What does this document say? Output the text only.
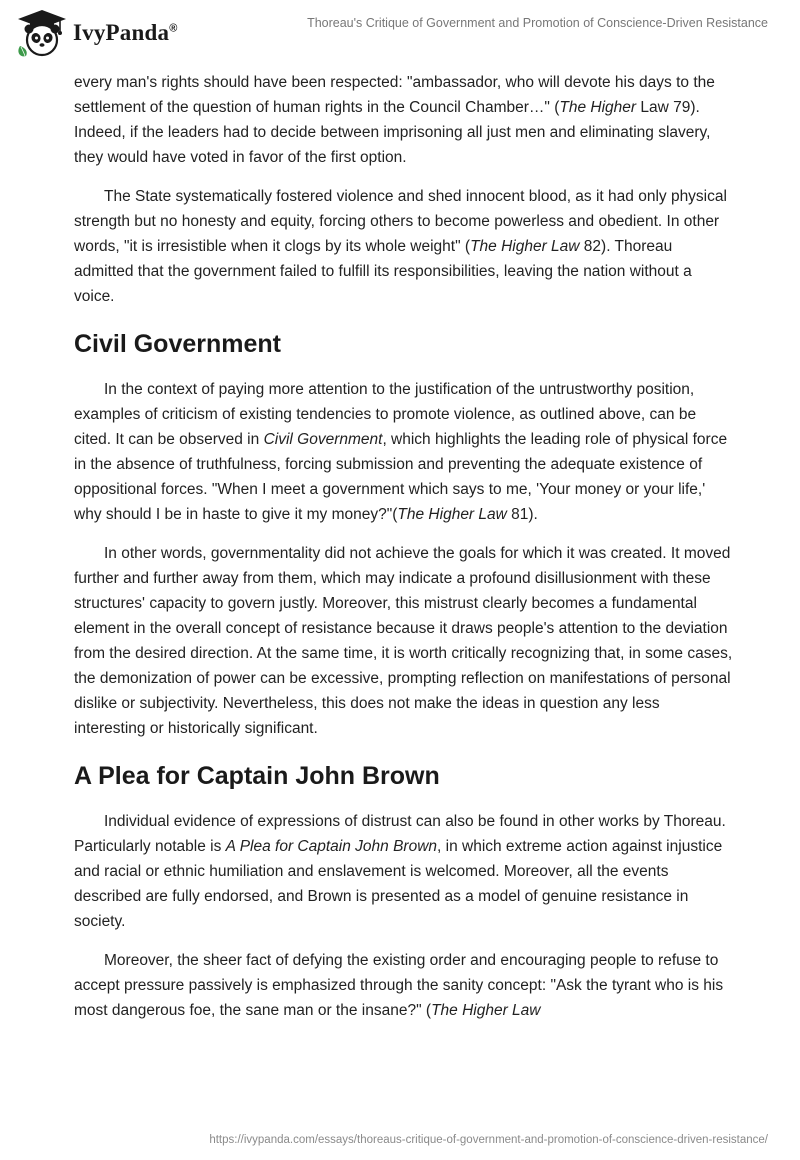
IvyPanda®	Thoreau's Critique of Government and Promotion of Conscience-Driven Resistance

every man's rights should have been respected: "ambassador, who will devote his days to the settlement of the question of human rights in the Council Chamber…" (The Higher Law 79). Indeed, if the leaders had to decide between imprisoning all just men and eliminating slavery, they would have voted in favor of the first option.

The State systematically fostered violence and shed innocent blood, as it had only physical strength but no honesty and equity, forcing others to become powerless and obedient. In other words, "it is irresistible when it clogs by its whole weight" (The Higher Law 82). Thoreau admitted that the government failed to fulfill its responsibilities, leaving the nation without a voice.

Civil Government

In the context of paying more attention to the justification of the untrustworthy position, examples of criticism of existing tendencies to promote violence, as outlined above, can be cited. It can be observed in Civil Government, which highlights the leading role of physical force in the absence of truthfulness, forcing submission and preventing the adequate existence of oppositional forces. "When I meet a government which says to me, 'Your money or your life,' why should I be in haste to give it my money?"(The Higher Law 81).

In other words, governmentality did not achieve the goals for which it was created. It moved further and further away from them, which may indicate a profound disillusionment with these structures' capacity to govern justly. Moreover, this mistrust clearly becomes a fundamental element in the overall concept of resistance because it draws people's attention to the deviation from the desired direction. At the same time, it is worth critically recognizing that, in some cases, the demonization of power can be excessive, prompting reflection on manifestations of personal dislike or subjectivity. Nevertheless, this does not make the ideas in question any less interesting or historically significant.

A Plea for Captain John Brown

Individual evidence of expressions of distrust can also be found in other works by Thoreau. Particularly notable is A Plea for Captain John Brown, in which extreme action against injustice and racial or ethnic humiliation and enslavement is welcomed. Moreover, all the events described are fully endorsed, and Brown is presented as a model of genuine resistance in society.

Moreover, the sheer fact of defying the existing order and encouraging people to refuse to accept pressure passively is emphasized through the sanity concept: "Ask the tyrant who is his most dangerous foe, the sane man or the insane?" (The Higher Law

https://ivypanda.com/essays/thoreaus-critique-of-government-and-promotion-of-conscience-driven-resistance/
